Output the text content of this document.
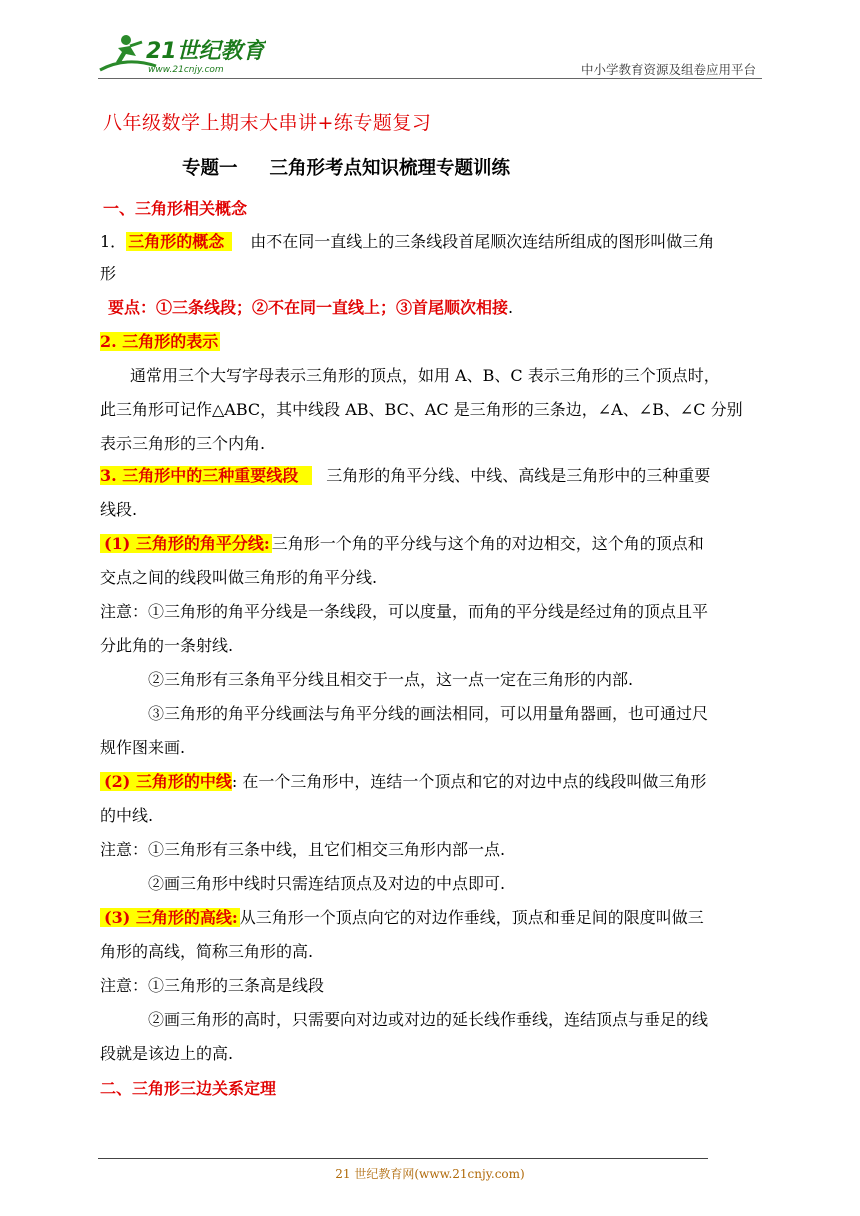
21世纪教育
www.21cnjy.com	中小学教育资源及组卷应用平台
八年级数学上期末大串讲+练专题复习
专题一 三角形考点知识梳理专题训练
一、三角形相关概念
1． 三角形的概念 由不在同一直线上的三条线段首尾顺次连结所组成的图形叫做三角
形
要点：①三条线段；②不在同一直线上；③首尾顺次相接.
2. 三角形的表示
通常用三个大写字母表示三角形的顶点，如用 A、B、C 表示三角形的三个顶点时，
此三角形可记作△ABC，其中线段 AB、BC、AC 是三角形的三条边，∠A、∠B、∠C 分别
表示三角形的三个内角.
3. 三角形中的三种重要线段 三角形的角平分线、中线、高线是三角形中的三种重要
线段.
(1) 三角形的角平分线: 三角形一个角的平分线与这个角的对边相交，这个角的顶点和
交点之间的线段叫做三角形的角平分线.
注意：①三角形的角平分线是一条线段，可以度量，而角的平分线是经过角的顶点且平
分此角的一条射线.
②三角形有三条角平分线且相交于一点，这一点一定在三角形的内部.
③三角形的角平分线画法与角平分线的画法相同，可以用量角器画，也可通过尺
规作图来画.
(2) 三角形的中线: 在一个三角形中，连结一个顶点和它的对边中点的线段叫做三角形
的中线.
注意：①三角形有三条中线，且它们相交三角形内部一点.
②画三角形中线时只需连结顶点及对边的中点即可.
(3) 三角形的高线: 从三角形一个顶点向它的对边作垂线，顶点和垂足间的限度叫做三
角形的高线，简称三角形的高.
注意：①三角形的三条高是线段
②画三角形的高时，只需要向对边或对边的延长线作垂线，连结顶点与垂足的线
段就是该边上的高.
二、三角形三边关系定理
21 世纪教育网(www.21cnjy.com)
